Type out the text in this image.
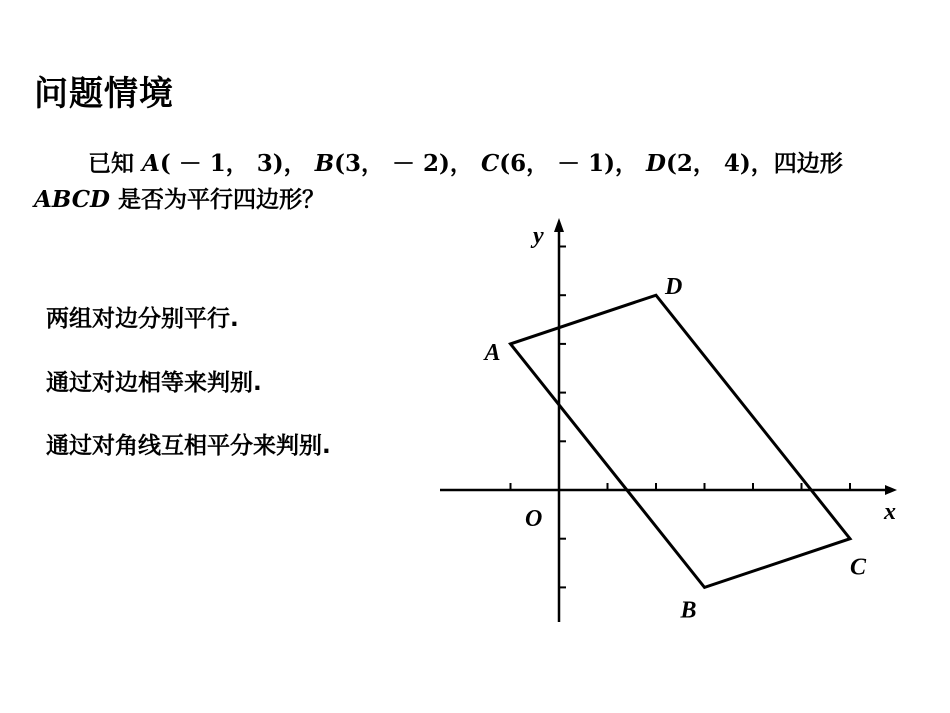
问题情境
已知 A( － 1， 3)， B(3， － 2)， C(6， － 1)， D(2， 4)，四边形
ABCD 是否为平行四边形？
两组对边分别平行.
通过对边相等来判别.
通过对角线互相平分来判别.
x
y
O
A
B
C
D
